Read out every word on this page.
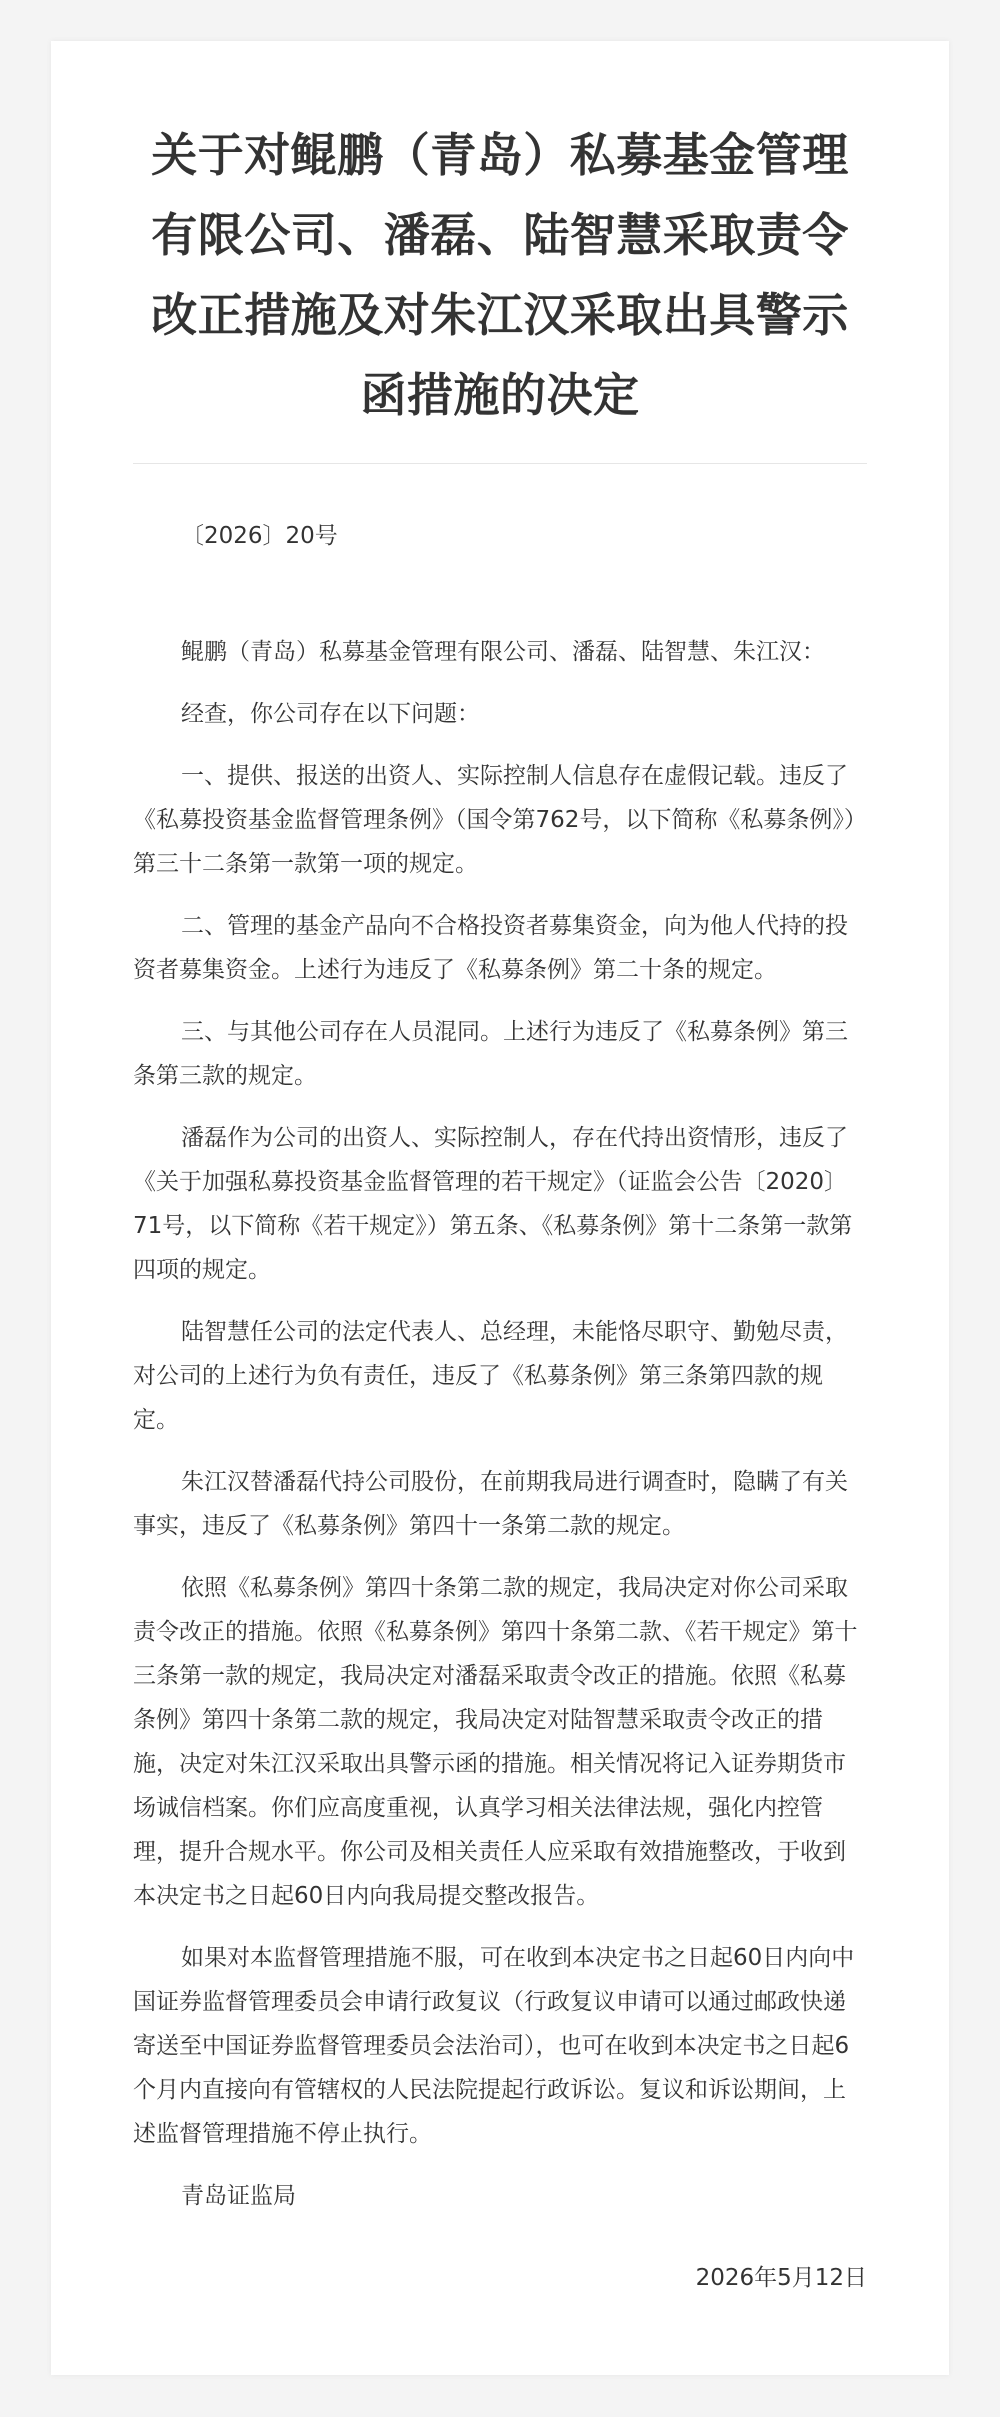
关于对鲲鹏（青岛）私募基金管理有限公司、潘磊、陆智慧采取责令改正措施及对朱江汉采取出具警示函措施的决定
〔2026〕20号

鲲鹏（青岛）私募基金管理有限公司、潘磊、陆智慧、朱江汉：

经查，你公司存在以下问题：

一、提供、报送的出资人、实际控制人信息存在虚假记载。违反了《私募投资基金监督管理条例》（国令第762号，以下简称《私募条例》）第三十二条第一款第一项的规定。

二、管理的基金产品向不合格投资者募集资金，向为他人代持的投资者募集资金。上述行为违反了《私募条例》第二十条的规定。

三、与其他公司存在人员混同。上述行为违反了《私募条例》第三条第三款的规定。

潘磊作为公司的出资人、实际控制人，存在代持出资情形，违反了《关于加强私募投资基金监督管理的若干规定》（证监会公告〔2020〕71号，以下简称《若干规定》）第五条、《私募条例》第十二条第一款第四项的规定。

陆智慧任公司的法定代表人、总经理，未能恪尽职守、勤勉尽责，对公司的上述行为负有责任，违反了《私募条例》第三条第四款的规定。

朱江汉替潘磊代持公司股份，在前期我局进行调查时，隐瞒了有关事实，违反了《私募条例》第四十一条第二款的规定。

依照《私募条例》第四十条第二款的规定，我局决定对你公司采取责令改正的措施。依照《私募条例》第四十条第二款、《若干规定》第十三条第一款的规定，我局决定对潘磊采取责令改正的措施。依照《私募条例》第四十条第二款的规定，我局决定对陆智慧采取责令改正的措施，决定对朱江汉采取出具警示函的措施。相关情况将记入证券期货市场诚信档案。你们应高度重视，认真学习相关法律法规，强化内控管理，提升合规水平。你公司及相关责任人应采取有效措施整改，于收到本决定书之日起60日内向我局提交整改报告。

如果对本监督管理措施不服，可在收到本决定书之日起60日内向中国证券监督管理委员会申请行政复议（行政复议申请可以通过邮政快递寄送至中国证券监督管理委员会法治司），也可在收到本决定书之日起6个月内直接向有管辖权的人民法院提起行政诉讼。复议和诉讼期间，上述监督管理措施不停止执行。

青岛证监局
2026年5月12日
